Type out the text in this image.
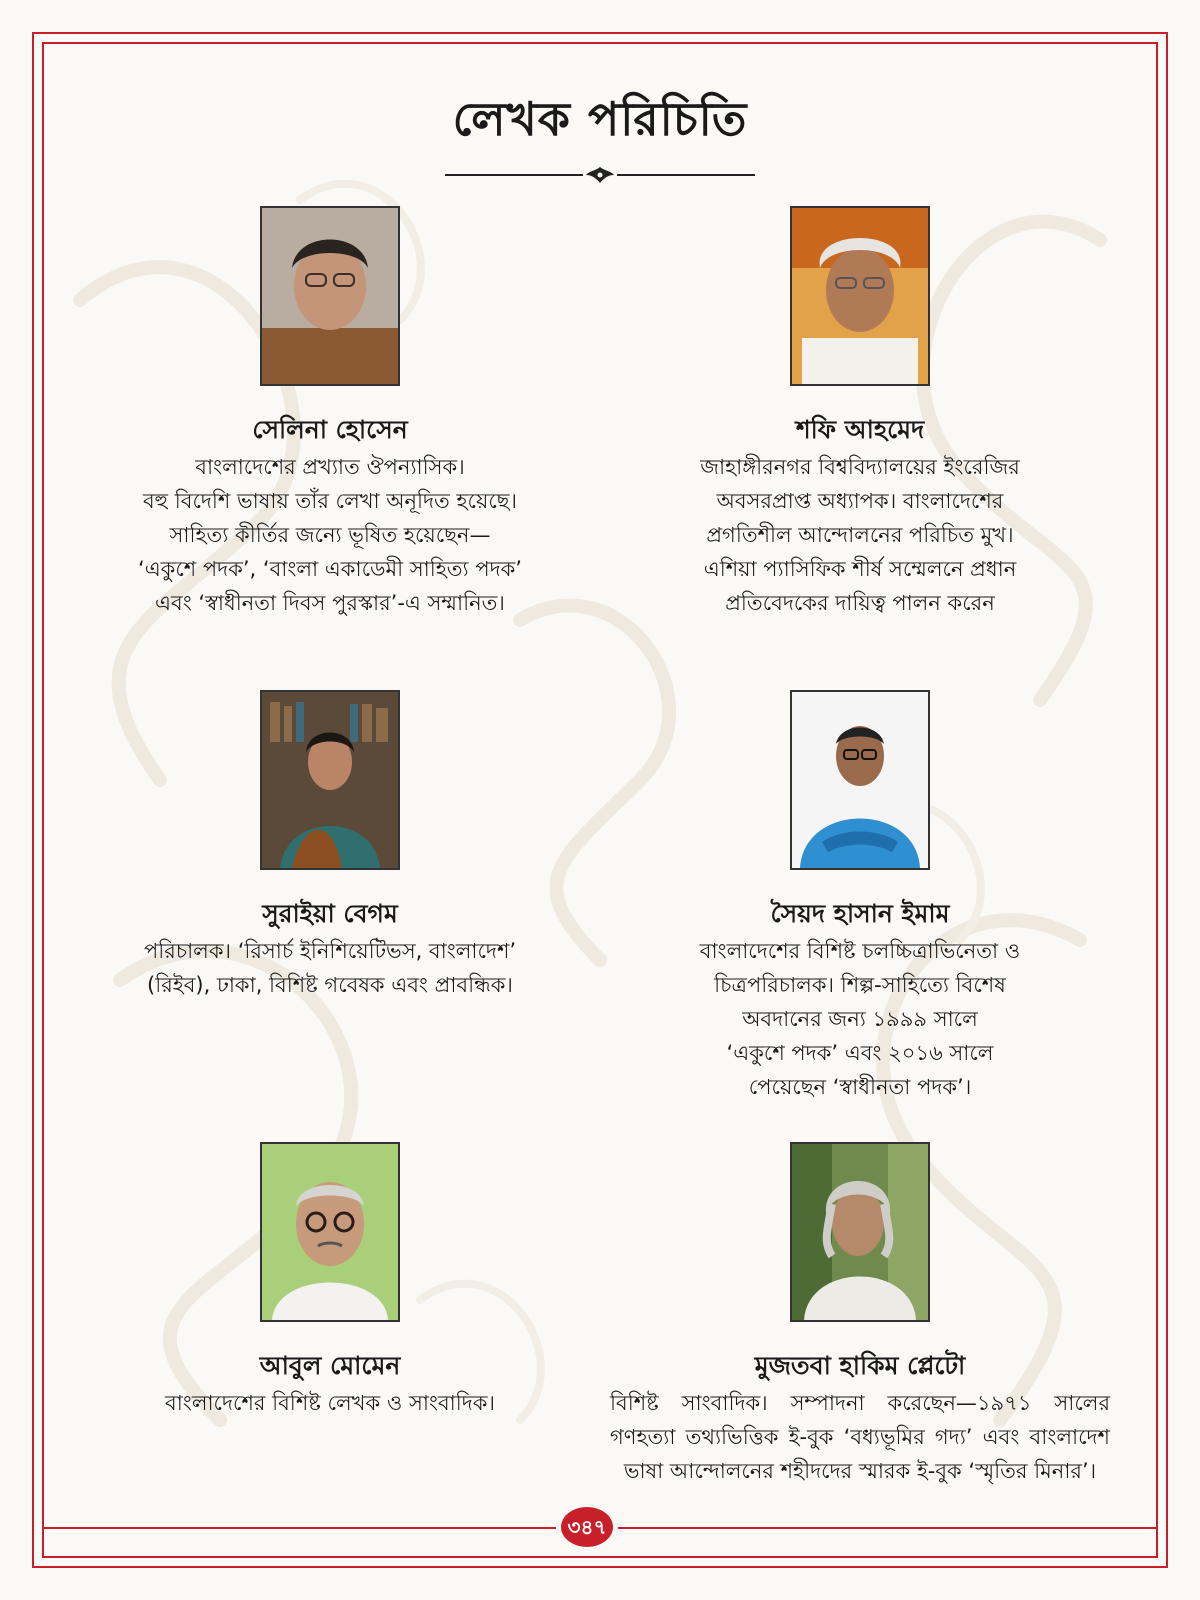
লেখক পরিচিতি
সেলিনা হোসেন
বাংলাদেশের প্রখ্যাত ঔপন্যাসিক।
বহু বিদেশি ভাষায় তাঁর লেখা অনূদিত হয়েছে।
সাহিত্য কীর্তির জন্যে ভূষিত হয়েছেন—
‘একুশে পদক’, ‘বাংলা একাডেমী সাহিত্য পদক’
এবং ‘স্বাধীনতা দিবস পুরস্কার’-এ সম্মানিত।
শফি আহমেদ
জাহাঙ্গীরনগর বিশ্ববিদ্যালয়ের ইংরেজির
অবসরপ্রাপ্ত অধ্যাপক। বাংলাদেশের
প্রগতিশীল আন্দোলনের পরিচিত মুখ।
এশিয়া প্যাসিফিক শীর্ষ সম্মেলনে প্রধান
প্রতিবেদকের দায়িত্ব পালন করেন
সুরাইয়া বেগম
পরিচালক। ‘রিসার্চ ইনিশিয়েটিভস, বাংলাদেশ’
(রিইব), ঢাকা, বিশিষ্ট গবেষক এবং প্রাবন্ধিক।
সৈয়দ হাসান ইমাম
বাংলাদেশের বিশিষ্ট চলচ্চিত্রাভিনেতা ও
চিত্রপরিচালক। শিল্প-সাহিত্যে বিশেষ
অবদানের জন্য ১৯৯৯ সালে
‘একুশে পদক’ এবং ২০১৬ সালে
পেয়েছেন ‘স্বাধীনতা পদক’।
আবুল মোমেন
বাংলাদেশের বিশিষ্ট লেখক ও সাংবাদিক।
মুজতবা হাকিম প্লেটো
বিশিষ্ট সাংবাদিক। সম্পাদনা করেছেন—১৯৭১ সালের গণহত্যা তথ্যভিত্তিক ই-বুক ‘বধ্যভূমির গদ্য’ এবং বাংলাদেশ ভাষা আন্দোলনের শহীদদের স্মারক ই-বুক ‘স্মৃতির মিনার’।
৩৪৭
